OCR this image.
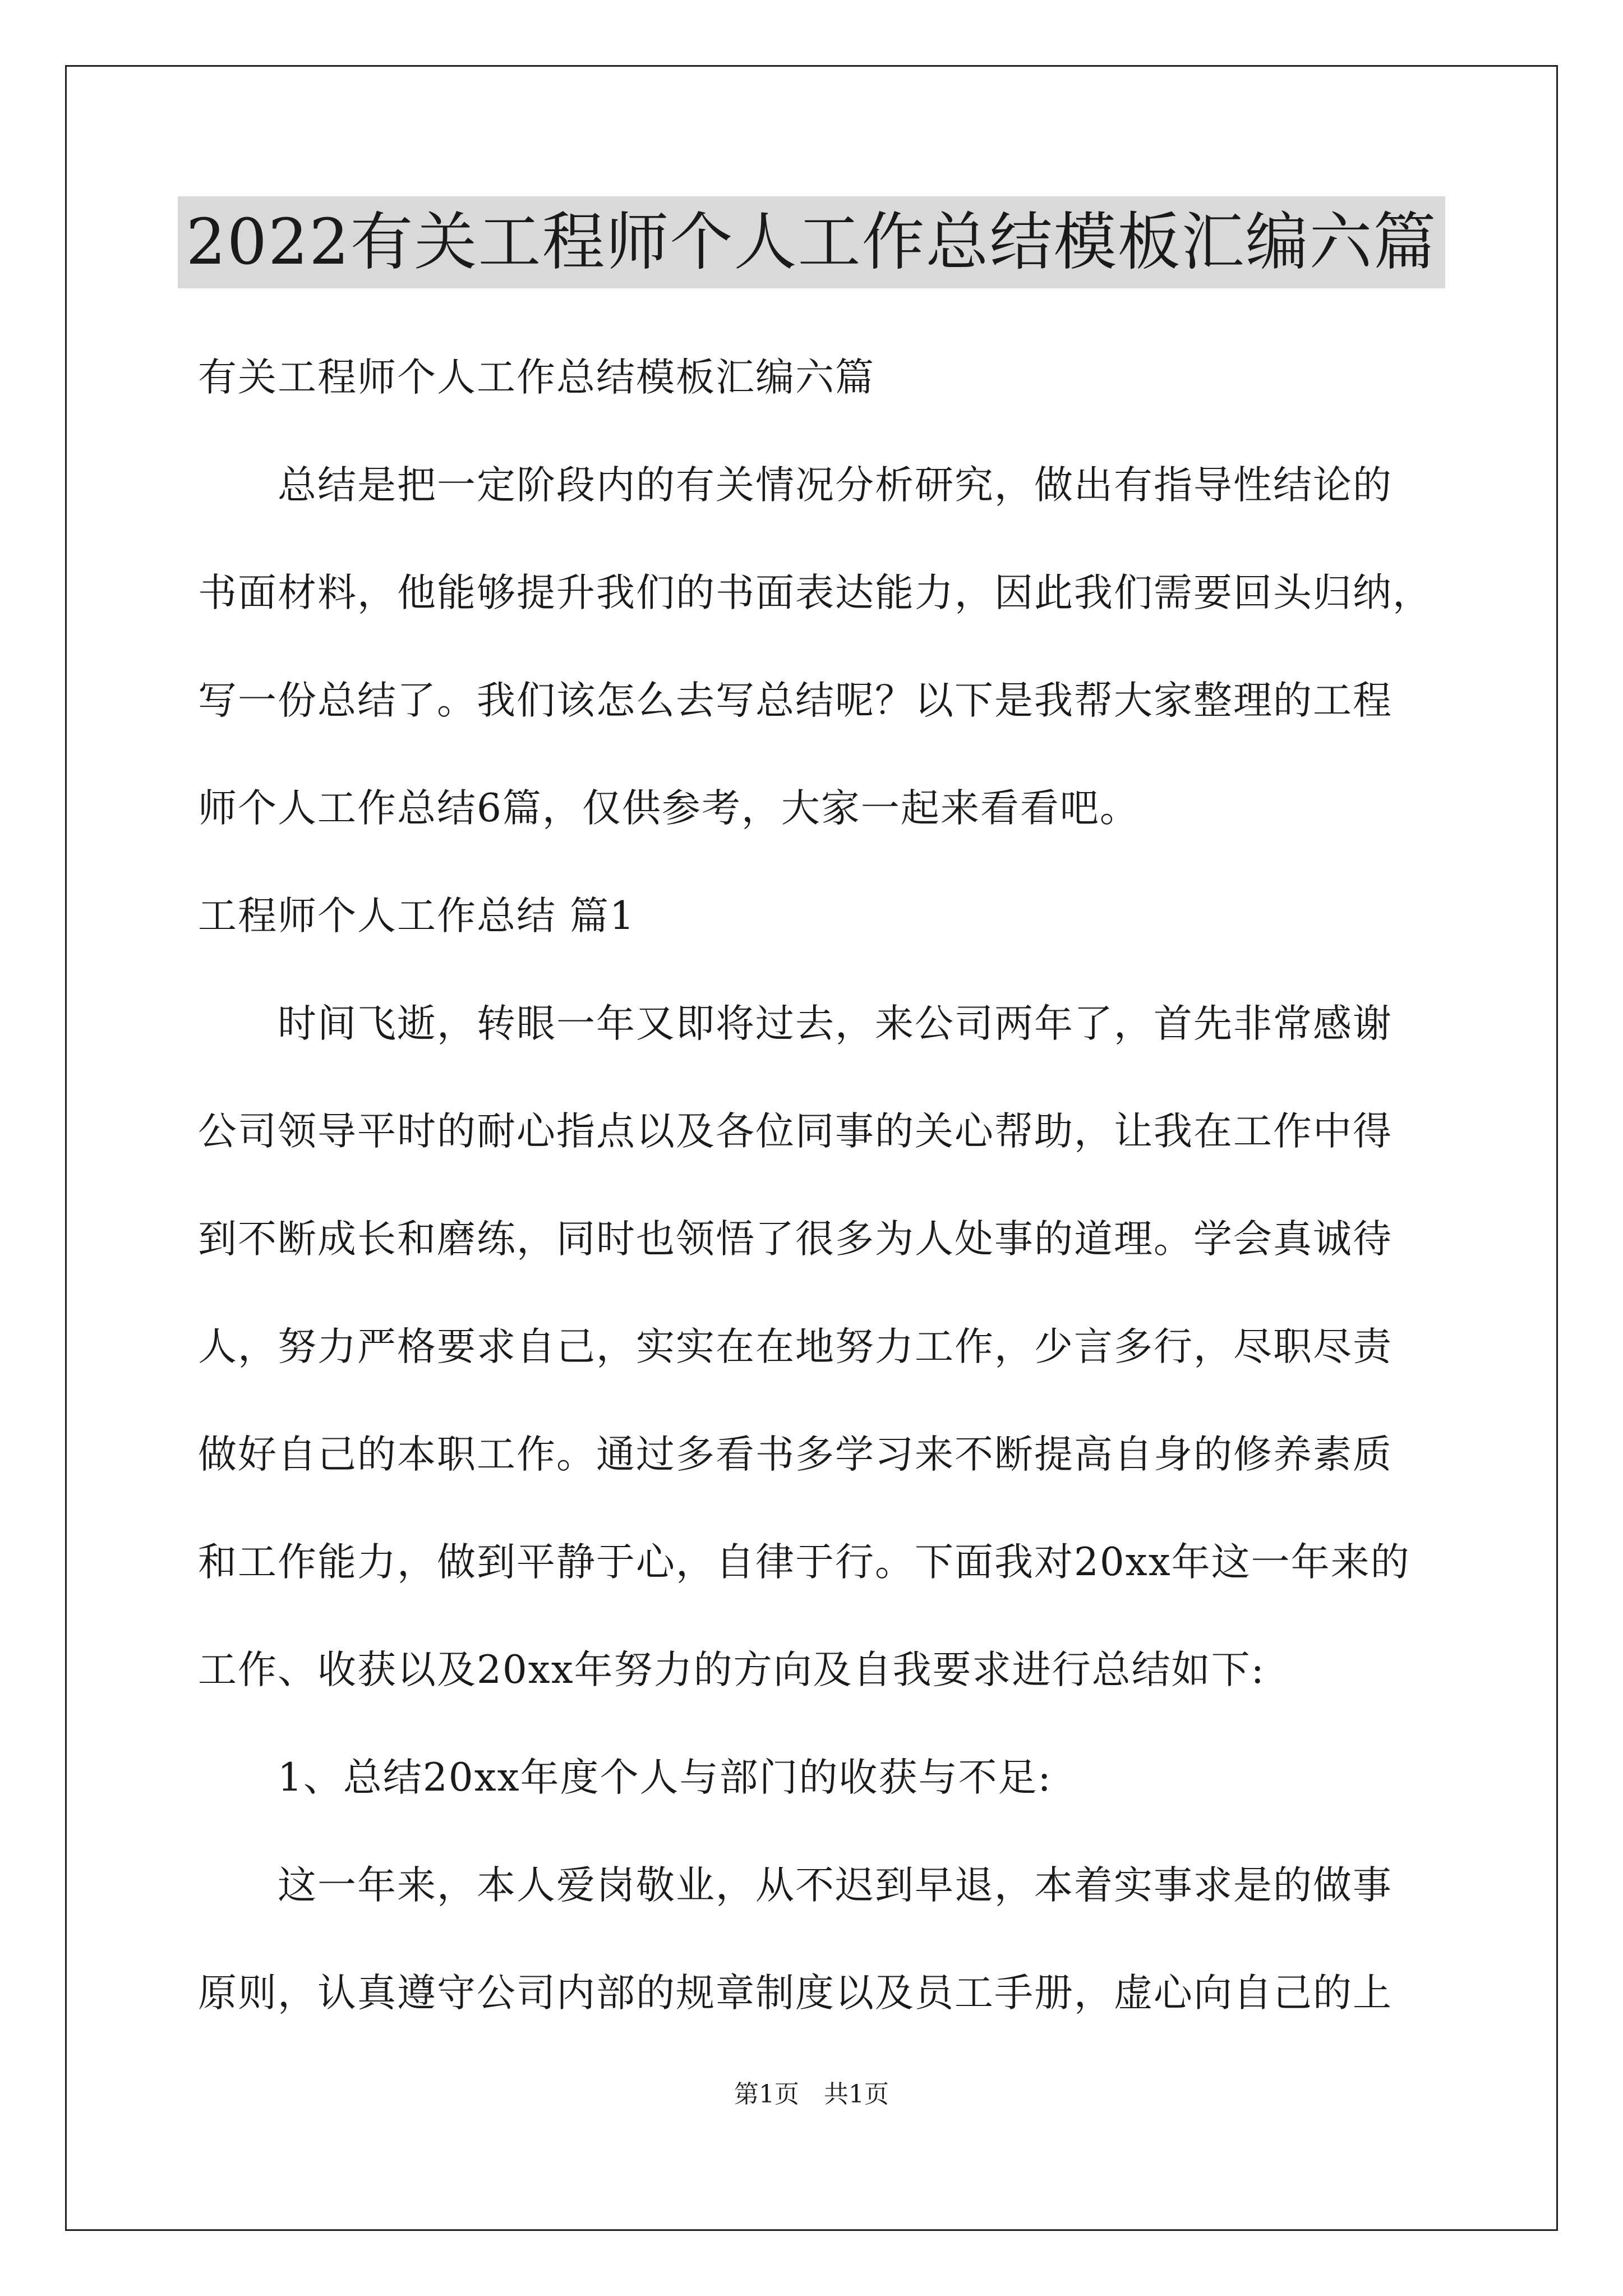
2022有关工程师个人工作总结模板汇编六篇
有关工程师个人工作总结模板汇编六篇
　　总结是把一定阶段内的有关情况分析研究，做出有指导性结论的
书面材料，他能够提升我们的书面表达能力，因此我们需要回头归纳，
写一份总结了。我们该怎么去写总结呢？以下是我帮大家整理的工程
师个人工作总结6篇，仅供参考，大家一起来看看吧。
工程师个人工作总结 篇1
　　时间飞逝，转眼一年又即将过去，来公司两年了，首先非常感谢
公司领导平时的耐心指点以及各位同事的关心帮助，让我在工作中得
到不断成长和磨练，同时也领悟了很多为人处事的道理。学会真诚待
人，努力严格要求自己，实实在在地努力工作，少言多行，尽职尽责
做好自己的本职工作。通过多看书多学习来不断提高自身的修养素质
和工作能力，做到平静于心，自律于行。下面我对20xx年这一年来的
工作、收获以及20xx年努力的方向及自我要求进行总结如下:
　　1、总结20xx年度个人与部门的收获与不足:
　　这一年来，本人爱岗敬业，从不迟到早退，本着实事求是的做事
原则，认真遵守公司内部的规章制度以及员工手册，虚心向自己的上
第1页　共1页
